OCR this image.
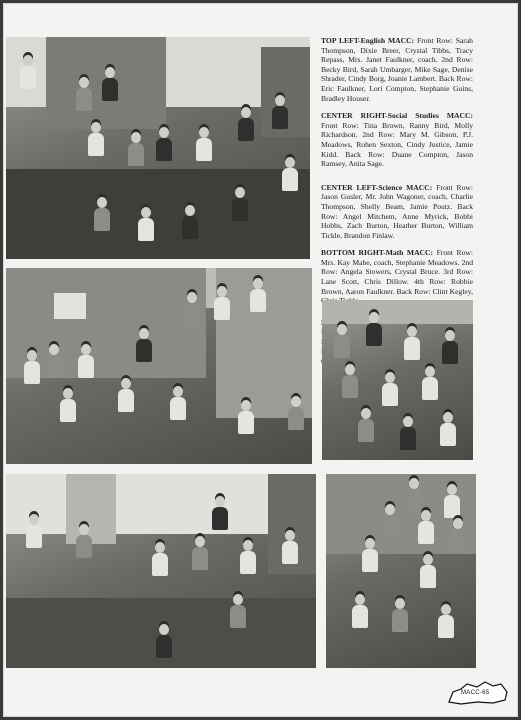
TOP LEFT-English MACC: Front Row: Sarah Thompson, Dixie Breer, Crystal Tibbs, Tracy Repass, Mrs. Janet Faulkner, coach. 2nd Row: Becky Bird, Sarah Umbarger, Mike Sage, Denise Shrader, Cindy Borg, Joanie Lambert. Back Row: Eric Faulkner, Lori Compton, Stephanie Guins, Bradley Houser.

CENTER RIGHT-Social Studies MACC: Front Row: Tina Brown, Ranny Bird, Molly Richardson. 2nd Row: Mary M. Gibson, P.J. Meadows, Rohen Sexton, Cindy Justice, Jamie Kidd. Back Row: Duane Compton, Jason Ramsey, Anita Sage.

CENTER LEFT-Science MACC: Front Row: Jason Gusler, Mr. John Wagoner, coach, Charlie Thompson, Shelly Beam, Jamie Poutz. Back Row: Angel Mitchem, Anne Myrick, Bobbi Hobbs, Zach Burton, Heather Burton, William Tickle, Brandon Finlaw.

BOTTOM RIGHT-Math MACC: Front Row: Mrs. Kay Mabe, coach, Stephanie Meadows. 2nd Row: Angela Stowers, Crystal Bruce. 3rd Row: Lane Scott, Chris Dillow. 4th Row: Robbie Brown, Aaron Faulkner. Back Row: Clint Kegley,

MACC-65
